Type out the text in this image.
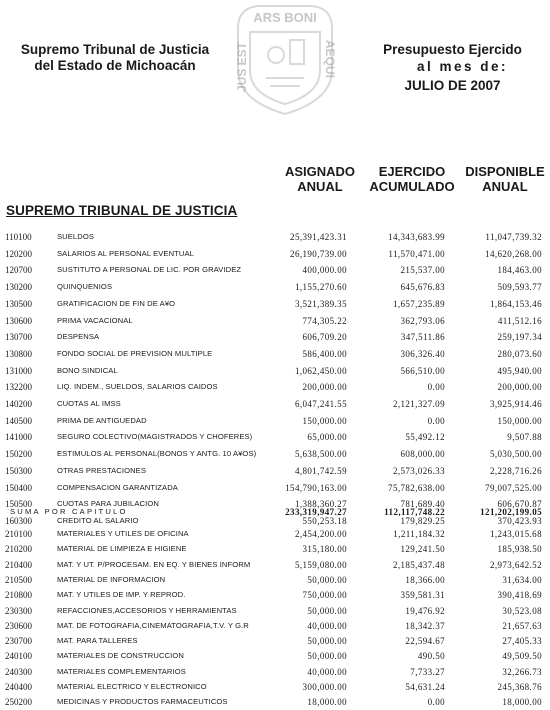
Supremo Tribunal de Justicia
del Estado de Michoacán
ARS BONI
JUS EST	AEQUI	Presupuesto Ejercido
al mes de:
JULIO DE 2007
ASIGNADO
ANUAL
EJERCIDO
ACUMULADO
DISPONIBLE
ANUAL
SUPREMO TRIBUNAL DE JUSTICIA
110100	SUELDOS	25,391,423.31	14,343,683.99	11,047,739.32
120200	SALARIOS AL PERSONAL EVENTUAL	26,190,739.00	11,570,471.00	14,620,268.00
120700	SUSTITUTO A PERSONAL DE LIC. POR GRAVIDEZ	400,000.00	215,537.00	184,463.00
130200	QUINQUENIOS	1,155,270.60	645,676.83	509,593.77
130500	GRATIFICACION DE FIN DE A¥O	3,521,389.35	1,657,235.89	1,864,153.46
130600	PRIMA VACACIONAL	774,305.22	362,793.06	411,512.16
130700	DESPENSA	606,709.20	347,511.86	259,197.34
130800	FONDO SOCIAL DE PREVISION MULTIPLE	586,400.00	306,326.40	280,073.60
131000	BONO SINDICAL	1,062,450.00	566,510.00	495,940.00
132200	LIQ. INDEM., SUELDOS, SALARIOS CAIDOS	200,000.00	0.00	200,000.00
140200	CUOTAS AL IMSS	6,047,241.55	2,121,327.09	3,925,914.46
140500	PRIMA DE ANTIGUEDAD	150,000.00	0.00	150,000.00
141000	SEGURO COLECTIVO(MAGISTRADOS Y CHOFERES)	65,000.00	55,492.12	9,507.88
150200	ESTIMULOS AL PERSONAL(BONOS Y ANTG. 10 A¥OS)	5,638,500.00	608,000.00	5,030,500.00
150300	OTRAS PRESTACIONES	4,801,742.59	2,573,026.33	2,228,716.26
150400	COMPENSACION GARANTIZADA	154,790,163.00	75,782,638.00	79,007,525.00
150500	CUOTAS PARA JUBILACION	1,388,360.27	781,689.40	606,670.87
160300	CREDITO AL SALARIO	550,253.18	179,829.25	370,423.93
SUMA POR CAPITULO	233,319,947.27	112,117,748.22	121,202,199.05
210100	MATERIALES Y UTILES DE OFICINA	2,454,200.00	1,211,184.32	1,243,015.68
210200	MATERIAL DE LIMPIEZA E HIGIENE	315,180.00	129,241.50	185,938.50
210400	MAT. Y UT. P/PROCESAM. EN EQ. Y BIENES INFORM	5,159,080.00	2,185,437.48	2,973,642.52
210500	MATERIAL DE INFORMACION	50,000.00	18,366.00	31,634.00
210800	MAT. Y UTILES DE IMP. Y REPROD.	750,000.00	359,581.31	390,418.69
230300	REFACCIONES,ACCESORIOS Y HERRAMIENTAS	50,000.00	19,476.92	30,523.08
230600	MAT. DE FOTOGRAFIA,CINEMATOGRAFIA,T.V. Y G.R	40,000.00	18,342.37	21,657.63
230700	MAT. PARA TALLERES	50,000.00	22,594.67	27,405.33
240100	MATERIALES DE CONSTRUCCION	50,000.00	490.50	49,509.50
240300	MATERIALES COMPLEMENTARIOS	40,000.00	7,733.27	32,266.73
240400	MATERIAL ELECTRICO Y ELECTRONICO	300,000.00	54,631.24	245,368.76
250200	MEDICINAS Y PRODUCTOS FARMACEUTICOS	18,000.00	0.00	18,000.00
